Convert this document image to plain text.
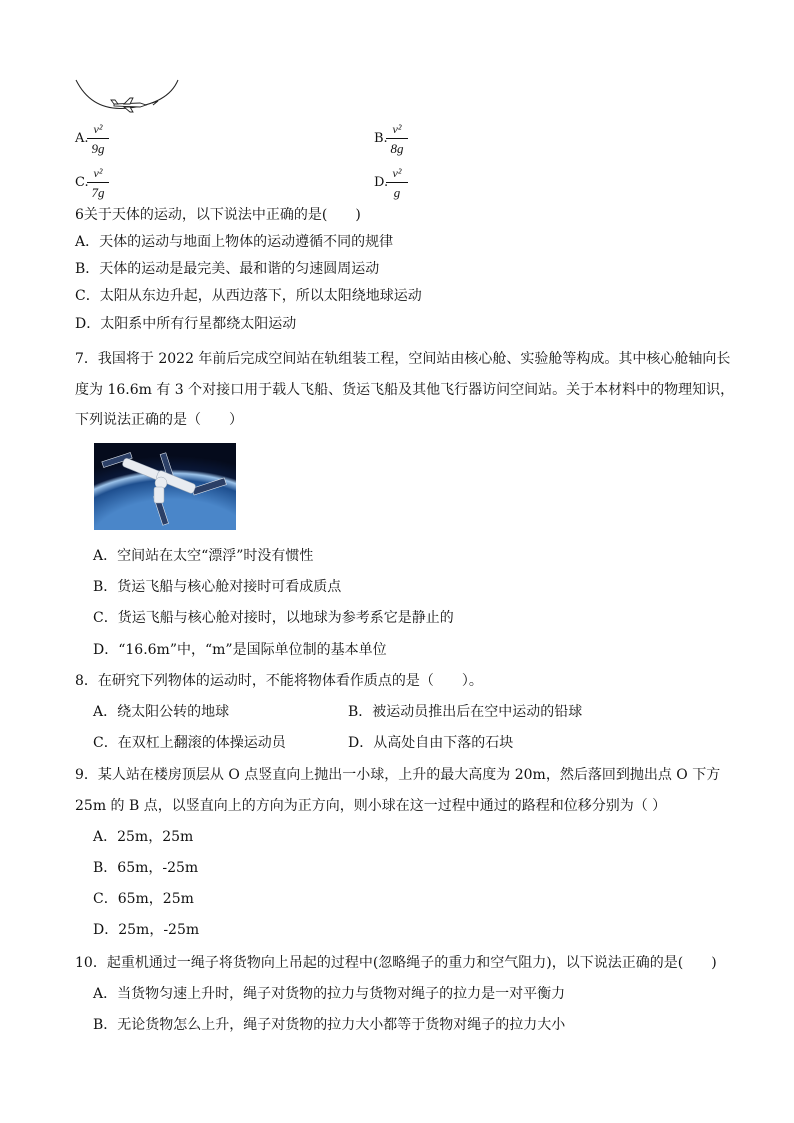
A.
v²
9g
B.
v²
8g
C.
v²
7g
D.
v²
g
6关于天体的运动，以下说法中正确的是(　　)
A．天体的运动与地面上物体的运动遵循不同的规律
B．天体的运动是最完美、最和谐的匀速圆周运动
C．太阳从东边升起，从西边落下，所以太阳绕地球运动
D．太阳系中所有行星都绕太阳运动
7．我国将于 2022 年前后完成空间站在轨组装工程，空间站由核心舱、实验舱等构成。其中核心舱轴向长
度为 16.6m 有 3 个对接口用于载人飞船、货运飞船及其他飞行器访问空间站。关于本材料中的物理知识，
下列说法正确的是（　　）
A．空间站在太空“漂浮”时没有惯性
B．货运飞船与核心舱对接时可看成质点
C．货运飞船与核心舱对接时，以地球为参考系它是静止的
D．“16.6m”中，“m”是国际单位制的基本单位
8．在研究下列物体的运动时，不能将物体看作质点的是（　　）。
A．绕太阳公转的地球	B．被运动员推出后在空中运动的铅球
C．在双杠上翻滚的体操运动员	D．从高处自由下落的石块
9．某人站在楼房顶层从 O 点竖直向上抛出一小球，上升的最大高度为 20m，然后落回到抛出点 O 下方
25m 的 B 点，以竖直向上的方向为正方向，则小球在这一过程中通过的路程和位移分别为（ ）
A．25m，25m
B．65m，-25m
C．65m，25m
D．25m，-25m
10．起重机通过一绳子将货物向上吊起的过程中(忽略绳子的重力和空气阻力)，以下说法正确的是(　　)
A．当货物匀速上升时，绳子对货物的拉力与货物对绳子的拉力是一对平衡力
B．无论货物怎么上升，绳子对货物的拉力大小都等于货物对绳子的拉力大小
